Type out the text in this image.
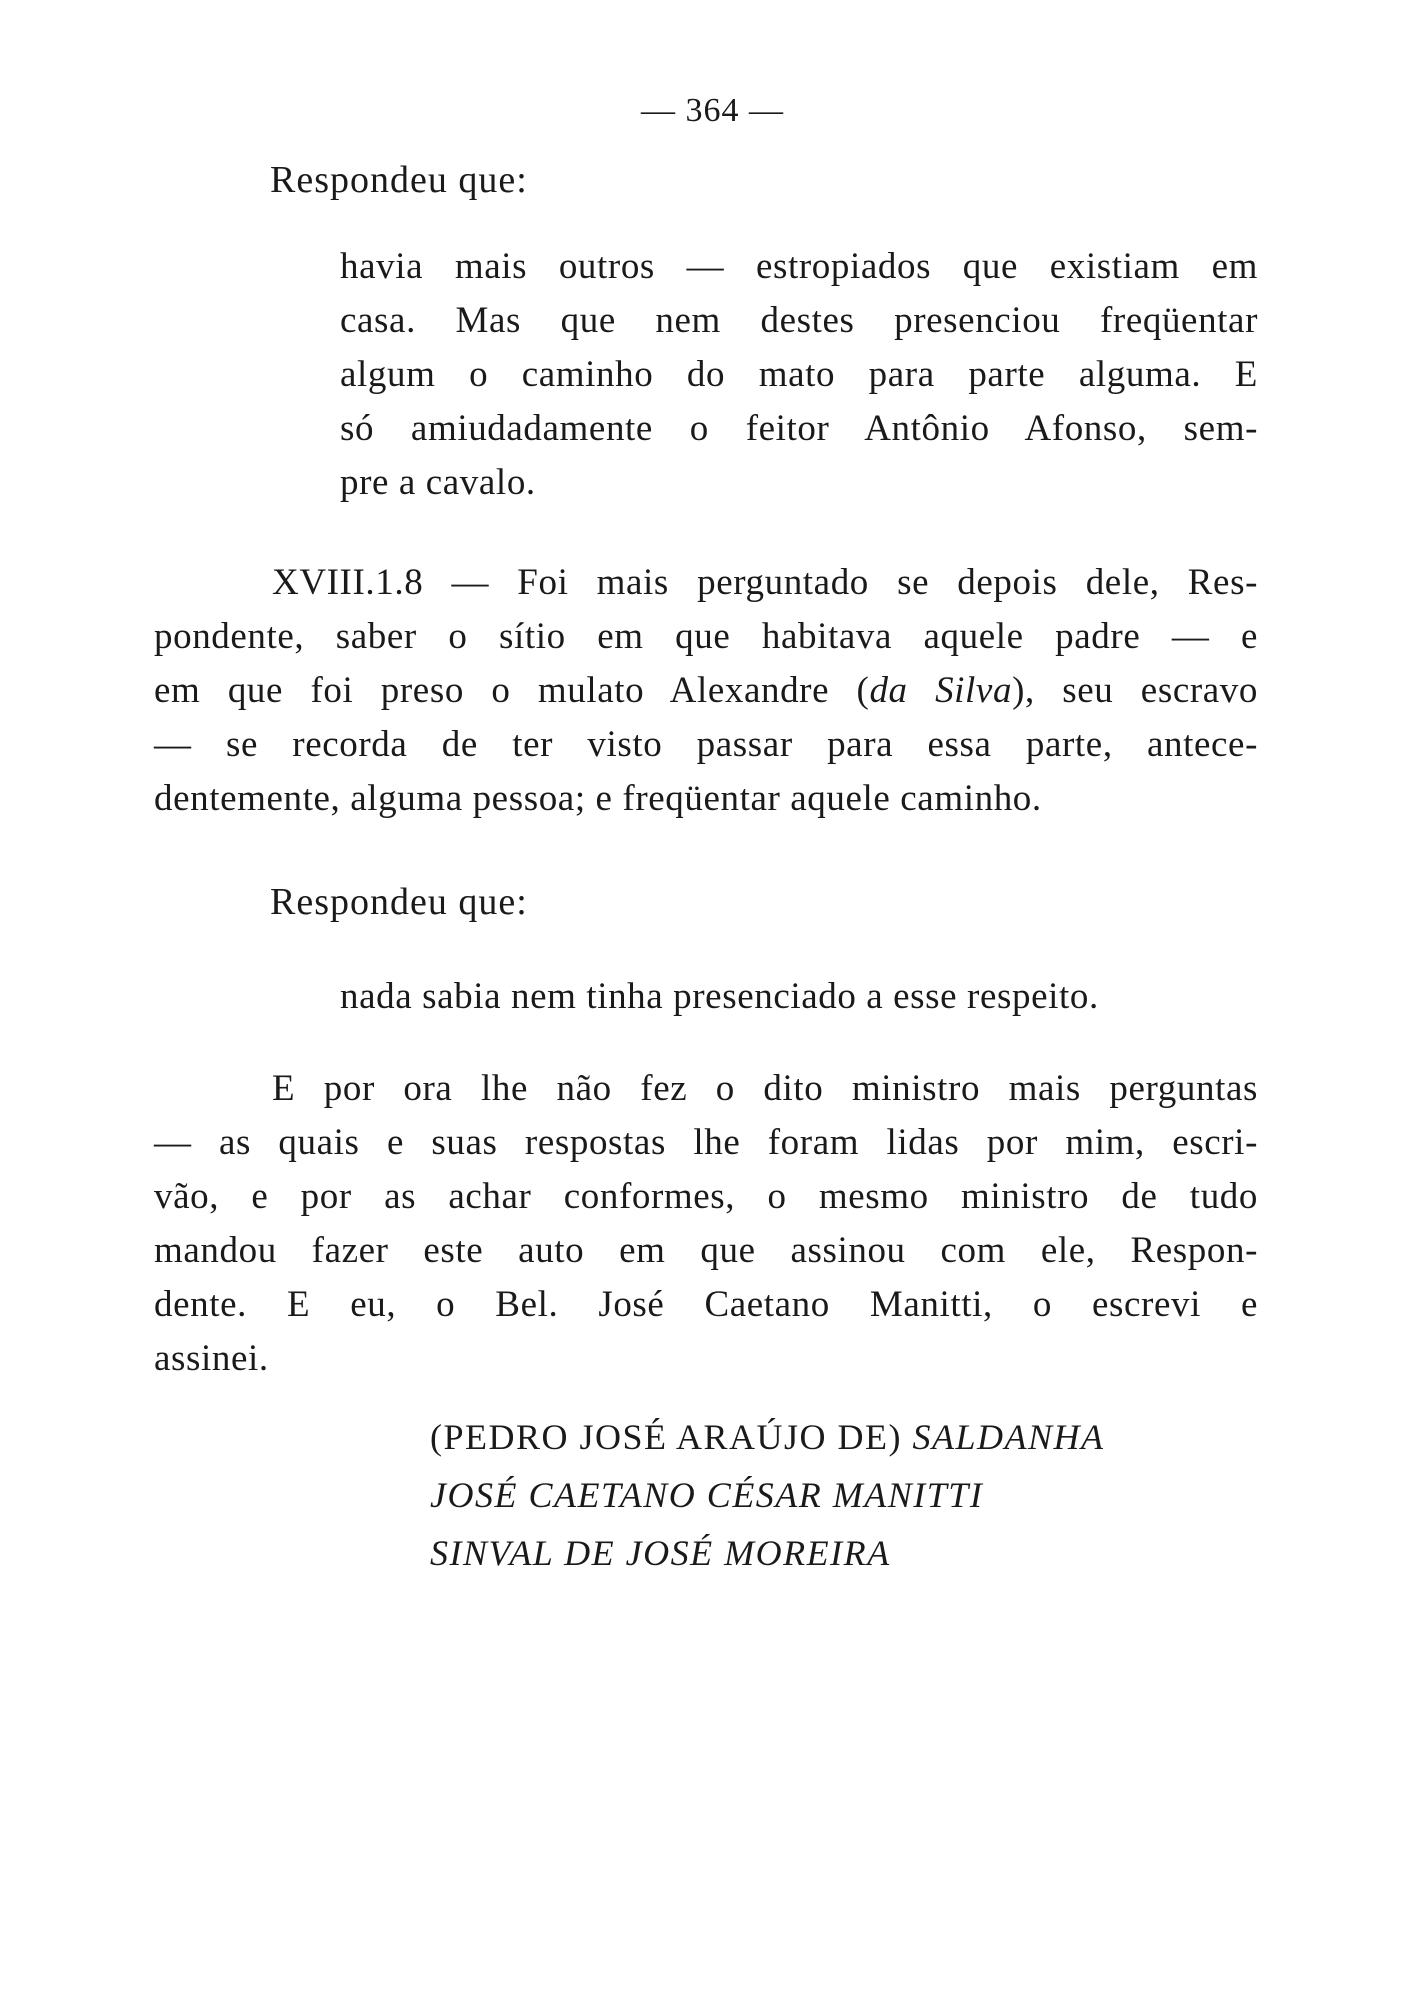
— 364 —
Respondeu que:
havia mais outros — estropiados que existiam em
casa. Mas que nem destes presenciou freqüentar
algum o caminho do mato para parte alguma. E
só amiudadamente o feitor Antônio Afonso, sem-
pre a cavalo.
XVIII.1.8 — Foi mais perguntado se depois dele, Res-
pondente, saber o sítio em que habitava aquele padre — e
em que foi preso o mulato Alexandre (da Silva), seu escravo
— se recorda de ter visto passar para essa parte, antece-
dentemente, alguma pessoa; e freqüentar aquele caminho.
Respondeu que:
nada sabia nem tinha presenciado a esse respeito.
E por ora lhe não fez o dito ministro mais perguntas
— as quais e suas respostas lhe foram lidas por mim, escri-
vão, e por as achar conformes, o mesmo ministro de tudo
mandou fazer este auto em que assinou com ele, Respon-
dente. E eu, o Bel. José Caetano Manitti, o escrevi e
assinei.
(PEDRO JOSÉ ARAÚJO DE) SALDANHA
JOSÉ CAETANO CÉSAR MANITTI
SINVAL DE JOSÉ MOREIRA
